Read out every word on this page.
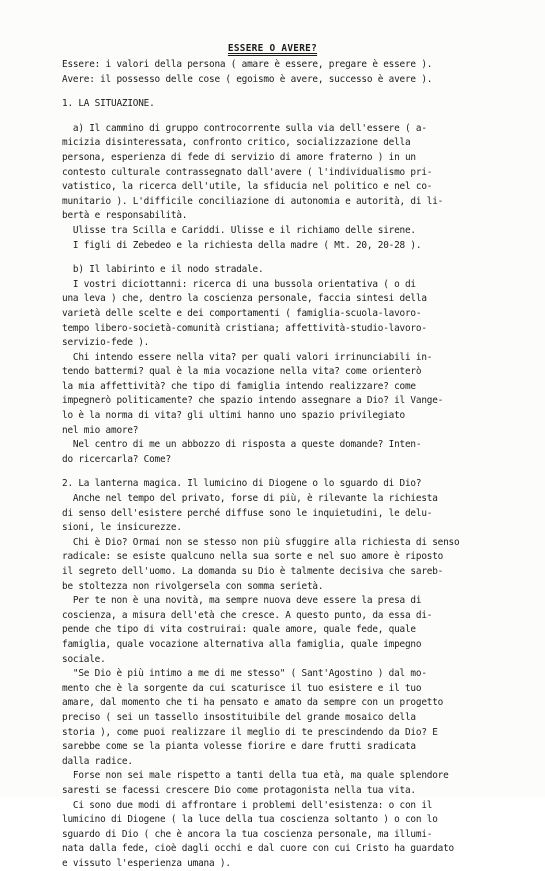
ESSERE O AVERE?
Essere: i valori della persona ( amare è essere, pregare è essere ).
Avere: il possesso delle cose ( egoismo è avere, successo è avere ).
1. LA SITUAZIONE.
a) Il cammino di gruppo controcorrente sulla via dell'essere ( a-
micizia disinteressata, confronto critico, socializzazione della
persona, esperienza di fede di servizio di amore fraterno ) in un
contesto culturale contrassegnato dall'avere ( l'individualismo pri-
vatistico, la ricerca dell'utile, la sfiducia nel politico e nel co-
munitario ). L'difficile conciliazione di autonomia e autorità, di li-
bertà e responsabilità.
Ulisse tra Scilla e Cariddi. Ulisse e il richiamo delle sirene.
I figli di Zebedeo e la richiesta della madre ( Mt. 20, 20-28 ).
b) Il labirinto e il nodo stradale.
I vostri diciottanni: ricerca di una bussola orientativa ( o di
una leva ) che, dentro la coscienza personale, faccia sintesi della
varietà delle scelte e dei comportamenti ( famiglia-scuola-lavoro-
tempo libero-società-comunità cristiana; affettività-studio-lavoro-
servizio-fede ).
Chi intendo essere nella vita? per quali valori irrinunciabili in-
tendo battermi? qual è la mia vocazione nella vita? come orienterò
la mia affettività? che tipo di famiglia intendo realizzare? come
impegnerò politicamente? che spazio intendo assegnare a Dio? il Vange-
lo è la norma di vita? gli ultimi hanno uno spazio privilegiato
nel mio amore?
Nel centro di me un abbozzo di risposta a queste domande? Inten-
do ricercarla? Come?
2. La lanterna magica. Il lumicino di Diogene o lo sguardo di Dio?
Anche nel tempo del privato, forse di più, è rilevante la richiesta
di senso dell'esistere perché diffuse sono le inquietudini, le delu-
sioni, le insicurezze.
Chi è Dio? Ormai non se stesso non più sfuggire alla richiesta di senso
radicale: se esiste qualcuno nella sua sorte e nel suo amore è riposto
il segreto dell'uomo. La domanda su Dio è talmente decisiva che sareb-
be stoltezza non rivolgersela con somma serietà.
Per te non è una novità, ma sempre nuova deve essere la presa di
coscienza, a misura dell'età che cresce. A questo punto, da essa di-
pende che tipo di vita costruirai: quale amore, quale fede, quale
famiglia, quale vocazione alternativa alla famiglia, quale impegno
sociale.
"Se Dio è più intimo a me di me stesso" ( Sant'Agostino ) dal mo-
mento che è la sorgente da cui scaturisce il tuo esistere e il tuo
amare, dal momento che ti ha pensato e amato da sempre con un progetto
preciso ( sei un tassello insostituibile del grande mosaico della
storia ), come puoi realizzare il meglio di te prescindendo da Dio? E
sarebbe come se la pianta volesse fiorire e dare frutti sradicata
dalla radice.
Forse non sei male rispetto a tanti della tua età, ma quale splendore
saresti se facessi crescere Dio come protagonista nella tua vita.
Ci sono due modi di affrontare i problemi dell'esistenza: o con il
lumicino di Diogene ( la luce della tua coscienza soltanto ) o con lo
sguardo di Dio ( che è ancora la tua coscienza personale, ma illumi-
nata dalla fede, cioè dagli occhi e dal cuore con cui Cristo ha guardato
e vissuto l'esperienza umana ).
